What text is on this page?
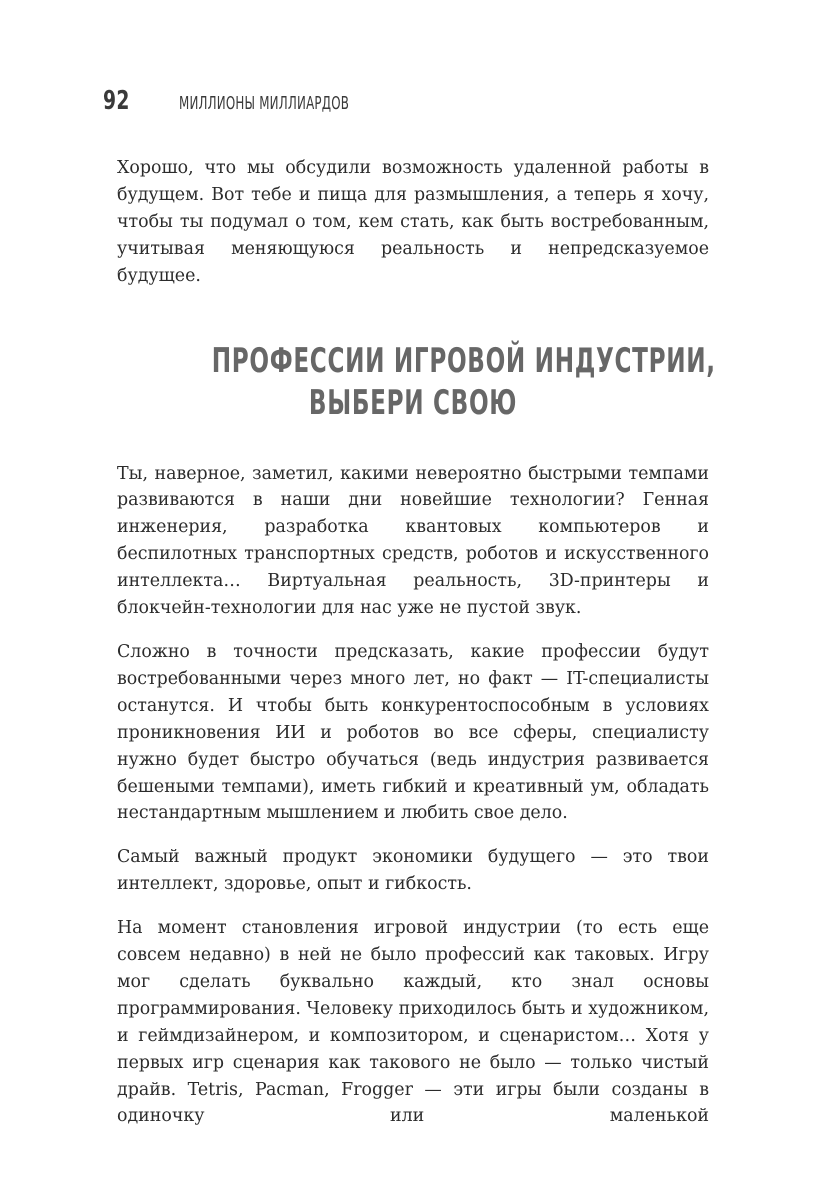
92	МИЛЛИОНЫ МИЛЛИАРДОВ

Хорошо, что мы обсудили возможность удаленной работы в будущем. Вот тебе и пища для размышления, а теперь я хочу, чтобы ты подумал о том, кем стать, как быть востребованным, учитывая меняющуюся реальность и непредсказуемое будущее.

ПРОФЕССИИ ИГРОВОЙ ИНДУСТРИИ,
ВЫБЕРИ СВОЮ

Ты, наверное, заметил, какими невероятно быстрыми темпами развиваются в наши дни новейшие технологии? Генная инженерия, разработка квантовых компьютеров и беспилотных транспортных средств, роботов и искусственного интеллекта… Виртуальная реальность, 3D-принтеры и блокчейн-технологии для нас уже не пустой звук.

Сложно в точности предсказать, какие профессии будут востребованными через много лет, но факт — IT-специалисты останутся. И чтобы быть конкурентоспособным в условиях проникновения ИИ и роботов во все сферы, специалисту нужно будет быстро обучаться (ведь индустрия развивается бешеными темпами), иметь гибкий и креативный ум, обладать нестандартным мышлением и любить свое дело.

Самый важный продукт экономики будущего — это твои интеллект, здоровье, опыт и гибкость.

На момент становления игровой индустрии (то есть еще совсем недавно) в ней не было профессий как таковых. Игру мог сделать буквально каждый, кто знал основы программирования. Человеку приходилось быть и художником, и геймдизайнером, и композитором, и сценаристом… Хотя у первых игр сценария как такового не было — только чистый драйв. Tetris, Pacman, Frogger — эти игры были созданы в одиночку или маленькой
